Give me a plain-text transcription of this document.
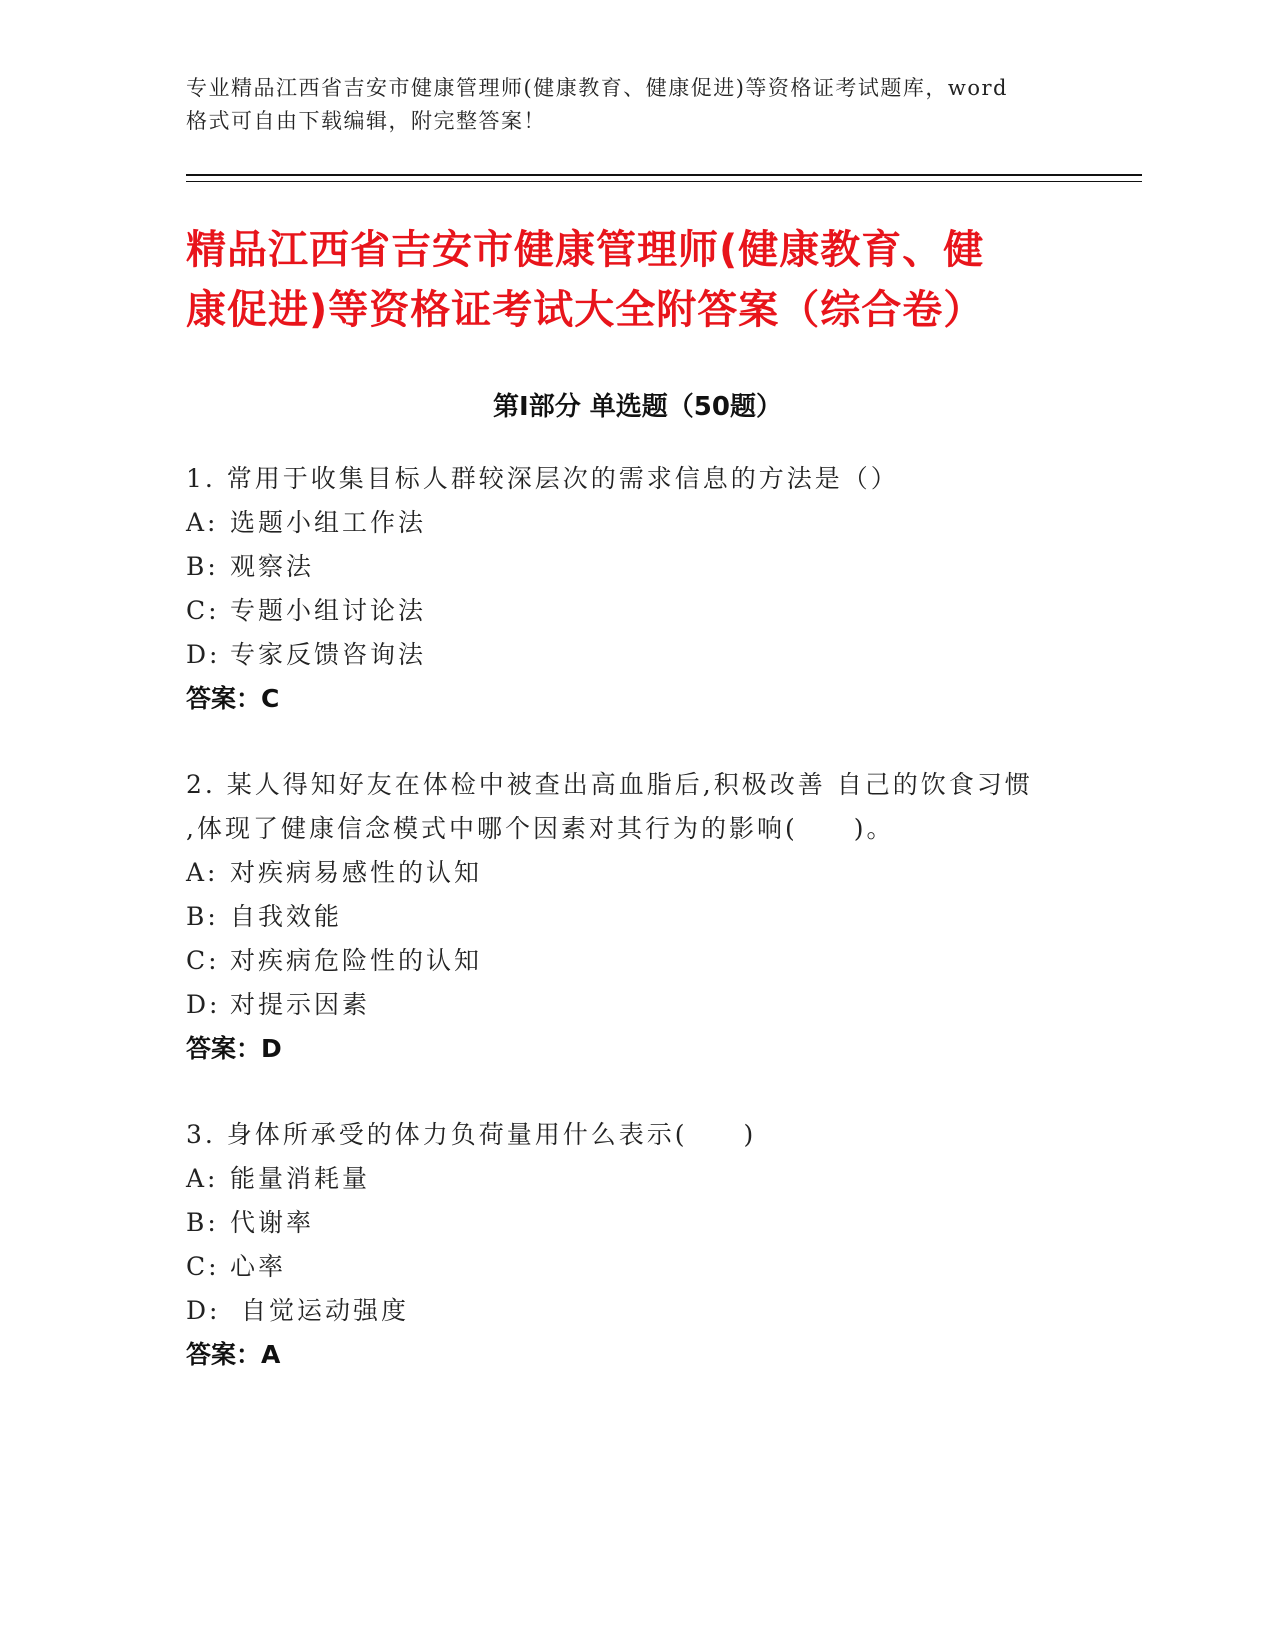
专业精品江西省吉安市健康管理师(健康教育、健康促进)等资格证考试题库，word
格式可自由下载编辑，附完整答案！
精品江西省吉安市健康管理师(健康教育、健
康促进)等资格证考试大全附答案（综合卷）
第Ⅰ部分 单选题（50题）
1. 常用于收集目标人群较深层次的需求信息的方法是（）
A: 选题小组工作法
B: 观察法
C: 专题小组讨论法
D: 专家反馈咨询法
答案：C
2. 某人得知好友在体检中被查出高血脂后,积极改善 自己的饮食习惯
,体现了健康信念模式中哪个因素对其行为的影响(　　)。
A: 对疾病易感性的认知
B: 自我效能
C: 对疾病危险性的认知
D: 对提示因素
答案：D
3. 身体所承受的体力负荷量用什么表示(　　)
A: 能量消耗量
B: 代谢率
C: 心率
D: 自觉运动强度
答案：A
